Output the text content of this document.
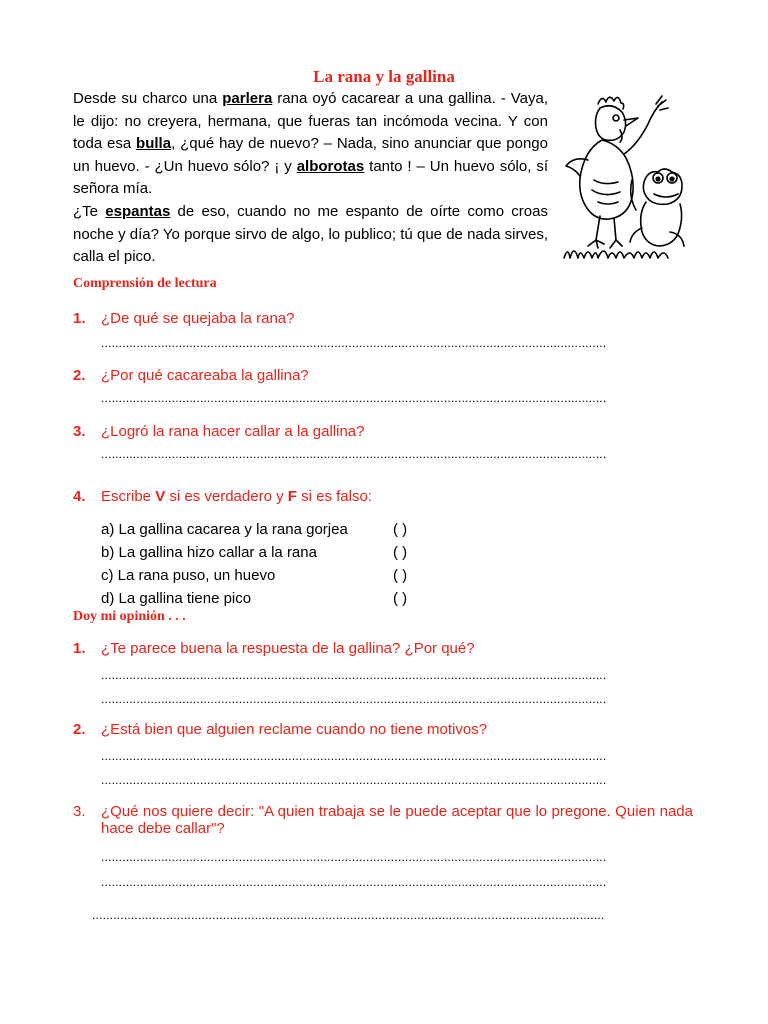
La rana y la gallina

Desde su charco una parlera rana oyó cacarear a una gallina. - Vaya, le dijo: no creyera, hermana, que fueras tan incómoda vecina. Y con toda esa bulla, ¿qué hay de nuevo? – Nada, sino anunciar que pongo un huevo. - ¿Un huevo sólo? ¡ y alborotas tanto ! – Un huevo sólo, sí señora mía.
¿Te espantas de eso, cuando no me espanto de oírte como croas noche y día? Yo porque sirvo de algo, lo publico; tú que de nada sirves, calla el pico.

Comprensión de lectura
1. ¿De qué se quejaba la rana?
...............................................................................................................................................
2. ¿Por qué cacareaba la gallina?
...............................................................................................................................................
3. ¿Logró la rana hacer callar a la gallina?
...............................................................................................................................................
4. Escribe V si es verdadero y F si es falso:
a) La gallina cacarea y la rana gorjea	( )
b) La gallina hizo callar a la rana	( )
c) La rana puso, un huevo	( )
d) La gallina tiene pico	( )
Doy mi opinión . . .
1. ¿Te parece buena la respuesta de la gallina? ¿Por qué?
...............................................................................................................................................
...............................................................................................................................................
2. ¿Está bien que alguien reclame cuando no tiene motivos?
...............................................................................................................................................
...............................................................................................................................................
3. ¿Qué nos quiere decir: "A quien trabaja se le puede aceptar que lo pregone. Quien nada hace debe callar"?
...............................................................................................................................................
...............................................................................................................................................
.................................................................................................................................................
